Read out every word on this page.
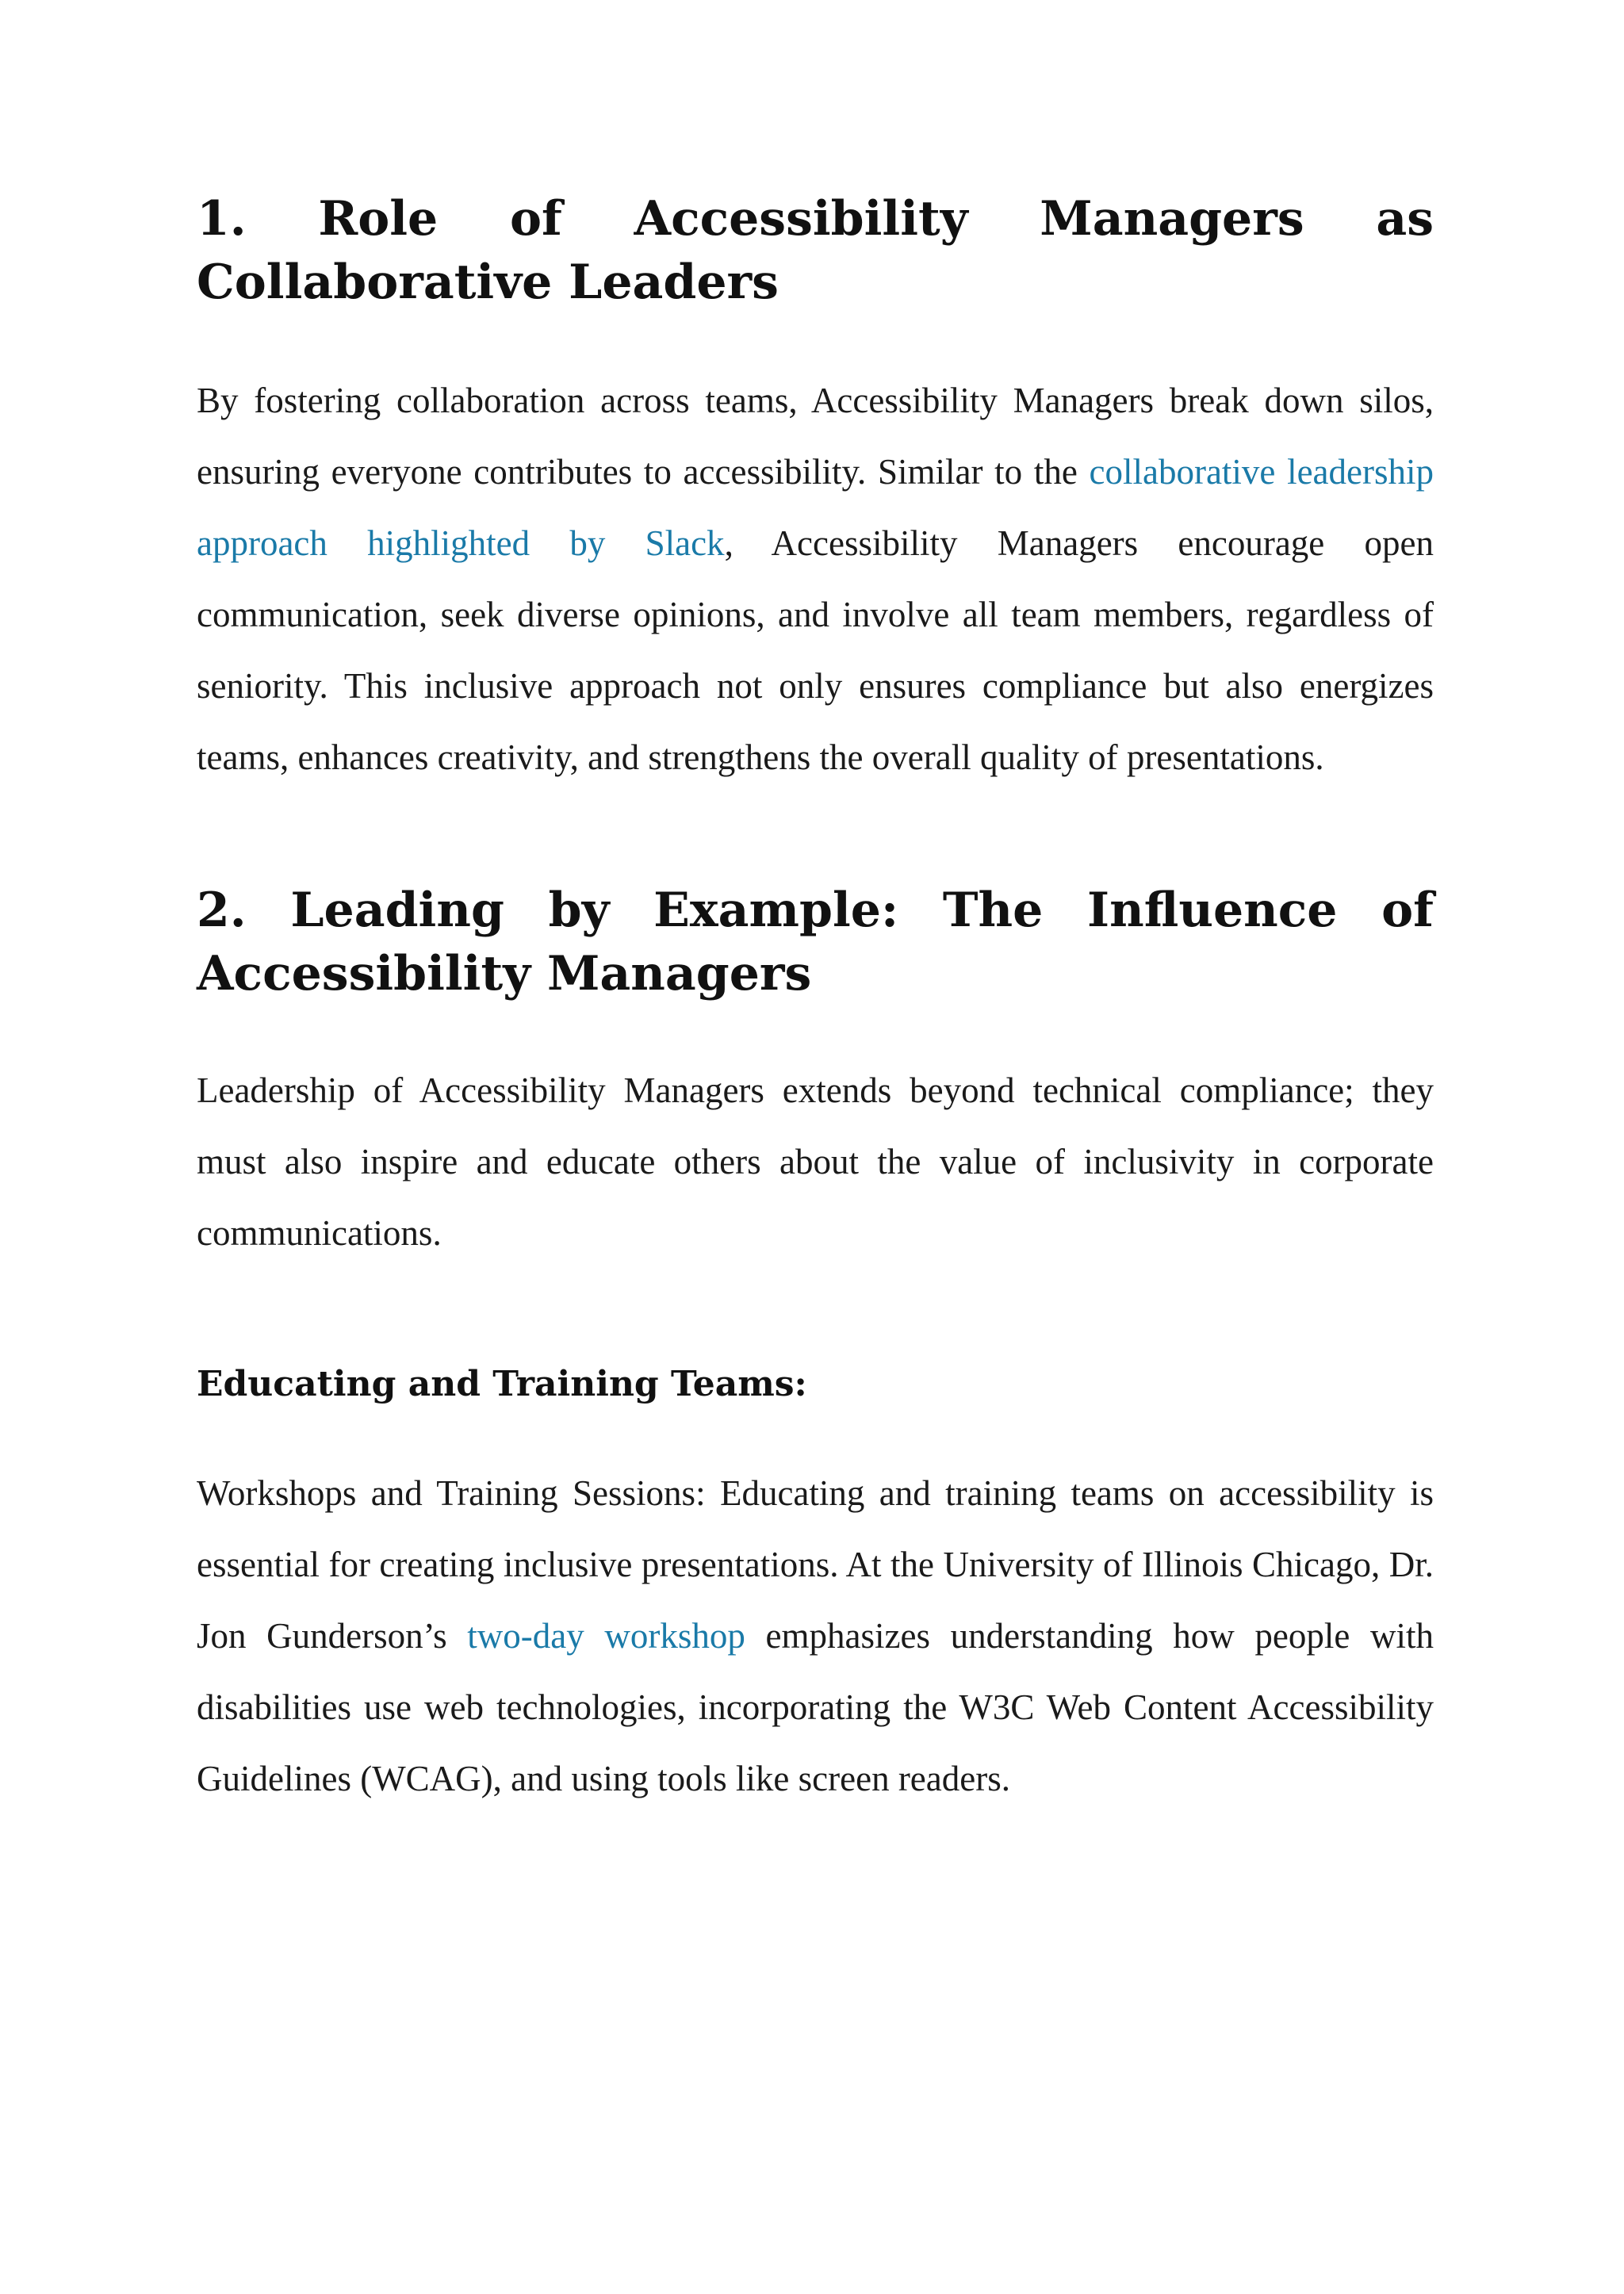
1. Role of Accessibility Managers as Collaborative Leaders

By fostering collaboration across teams, Accessibility Managers break down silos, ensuring everyone contributes to accessibility. Similar to the collaborative leadership approach highlighted by Slack, Accessibility Managers encourage open communication, seek diverse opinions, and involve all team members, regardless of seniority. This inclusive approach not only ensures compliance but also energizes teams, enhances creativity, and strengthens the overall quality of presentations.

2. Leading by Example: The Influence of Accessibility Managers

Leadership of Accessibility Managers extends beyond technical compliance; they must also inspire and educate others about the value of inclusivity in corporate communications.

Educating and Training Teams:

Workshops and Training Sessions: Educating and training teams on accessibility is essential for creating inclusive presentations. At the University of Illinois Chicago, Dr. Jon Gunderson’s two-day workshop emphasizes understanding how people with disabilities use web technologies, incorporating the W3C Web Content Accessibility Guidelines (WCAG), and using tools like screen readers.
